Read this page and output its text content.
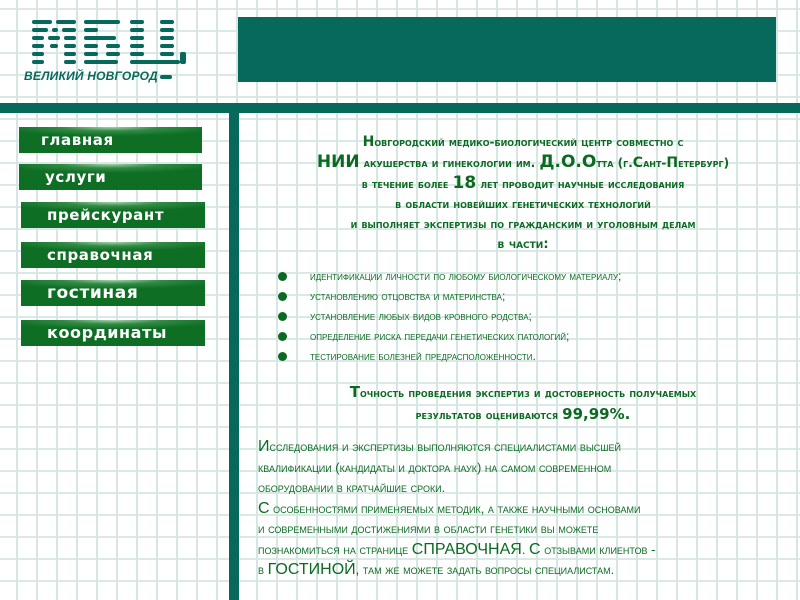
ВЕЛИКИЙ НОВГОРОД
главная
услуги
прейскурант
справочная
гостиная
координаты

Новгородский медико-биологический центр совместно с
НИИ акушерства и гинекологии им. Д.О.Отта (г.Сант-Петербург)
в течение более 18 лет проводит научные исследования
в области новейших генетических технологий
и выполняет экспертизы по гражданским и уголовным делам
в части:

идентификации личности по любому биологическому материалу;
установлению отцовства и материнства;
установление любых видов кровного родства;
определение риска передачи генетических патологий;
тестирование болезней предрасположенности.

Точность проведения экспертиз и достоверность получаемых
результатов оцениваются 99,99%.

Исследования и экспертизы выполняются специалистами высшей
квалификации (кандидаты и доктора наук) на самом современном
оборудовании в кратчайшие сроки.
С особенностями применяемых методик, а также научными основами
и современными достижениями в области генетики вы можете
познакомиться на странице СПРАВОЧНАЯ. С отзывами клиентов -
в ГОСТИНОЙ, там же можете задать вопросы специалистам.
